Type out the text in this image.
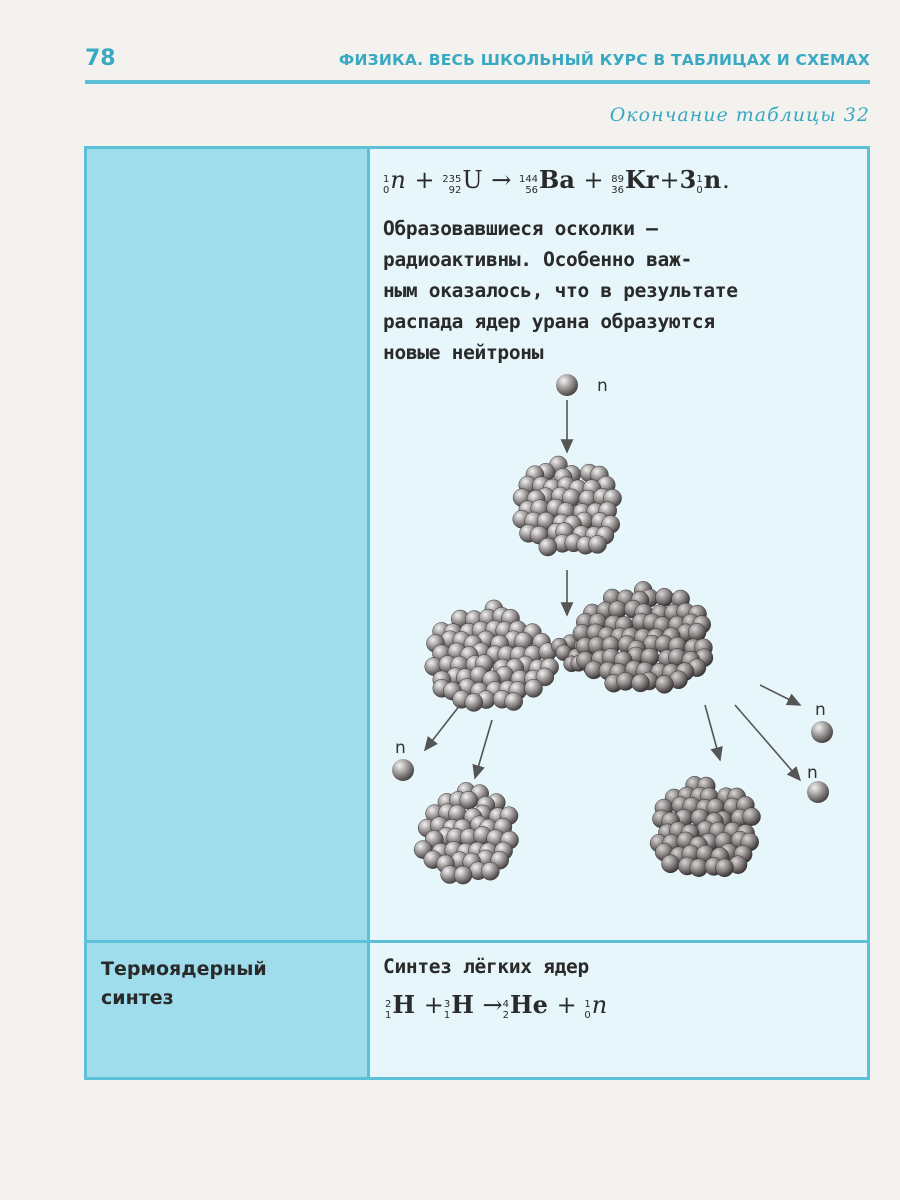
78	ФИЗИКА. ВЕСЬ ШКОЛЬНЫЙ КУРС В ТАБЛИЦАХ И СХЕМАХ
Окончание таблицы 32
1
0 n + 235
92 U → 144
56 Ba + 89
36 Kr+3 1
0 n.
Образовавшиеся осколки —
радиоактивны. Особенно важ-
ным оказалось, что в результате
распада ядер урана образуются
новые нейтроны
n
n
n
n
Термоядерный
синтез
Синтез лёгких ядер
2
1 H + 3
1 H → 4
2 He + 1
0 n
